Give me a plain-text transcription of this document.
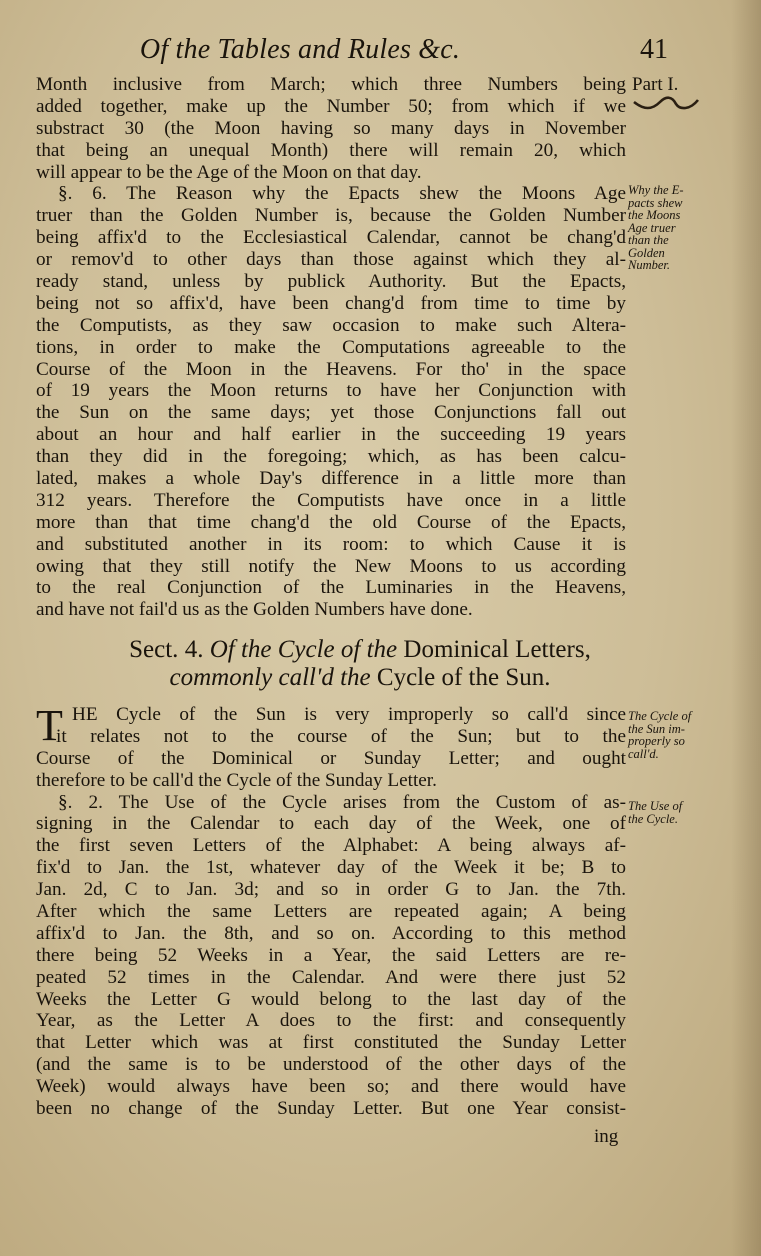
Of the Tables and Rules &c.	41
Part I.
Month inclusive from March; which three Numbers being
added together, make up the Number 50; from which if we
substract 30 (the Moon having so many days in November
that being an unequal Month) there will remain 20, which
will appear to be the Age of the Moon on that day.
§. 6. The Reason why the Epacts shew the Moons Age
truer than the Golden Number is, because the Golden Number
being affix'd to the Ecclesiastical Calendar, cannot be chang'd
or remov'd to other days than those against which they al-
ready stand, unless by publick Authority. But the Epacts,
being not so affix'd, have been chang'd from time to time by
the Computists, as they saw occasion to make such Altera-
tions, in order to make the Computations agreeable to the
Course of the Moon in the Heavens. For tho' in the space
of 19 years the Moon returns to have her Conjunction with
the Sun on the same days; yet those Conjunctions fall out
about an hour and half earlier in the succeeding 19 years
than they did in the foregoing; which, as has been calcu-
lated, makes a whole Day's difference in a little more than
312 years. Therefore the Computists have once in a little
more than that time chang'd the old Course of the Epacts,
and substituted another in its room: to which Cause it is
owing that they still notify the New Moons to us according
to the real Conjunction of the Luminaries in the Heavens,
and have not fail'd us as the Golden Numbers have done.
Why the E-
pacts shew
the Moons
Age truer
than the
Golden
Number.
Sect. 4. Of the Cycle of the Dominical Letters,
commonly call'd the Cycle of the Sun.
T HE Cycle of the Sun is very improperly so call'd since
it relates not to the course of the Sun; but to the
Course of the Dominical or Sunday Letter; and ought
therefore to be call'd the Cycle of the Sunday Letter.
§. 2. The Use of the Cycle arises from the Custom of as-
signing in the Calendar to each day of the Week, one of
the first seven Letters of the Alphabet: A being always af-
fix'd to Jan. the 1st, whatever day of the Week it be; B to
Jan. 2d, C to Jan. 3d; and so in order G to Jan. the 7th.
After which the same Letters are repeated again; A being
affix'd to Jan. the 8th, and so on. According to this method
there being 52 Weeks in a Year, the said Letters are re-
peated 52 times in the Calendar. And were there just 52
Weeks the Letter G would belong to the last day of the
Year, as the Letter A does to the first: and consequently
that Letter which was at first constituted the Sunday Letter
(and the same is to be understood of the other days of the
Week) would always have been so; and there would have
been no change of the Sunday Letter. But one Year consist-
The Cycle of
the Sun im-
properly so
call'd.
The Use of
the Cycle.
ing
